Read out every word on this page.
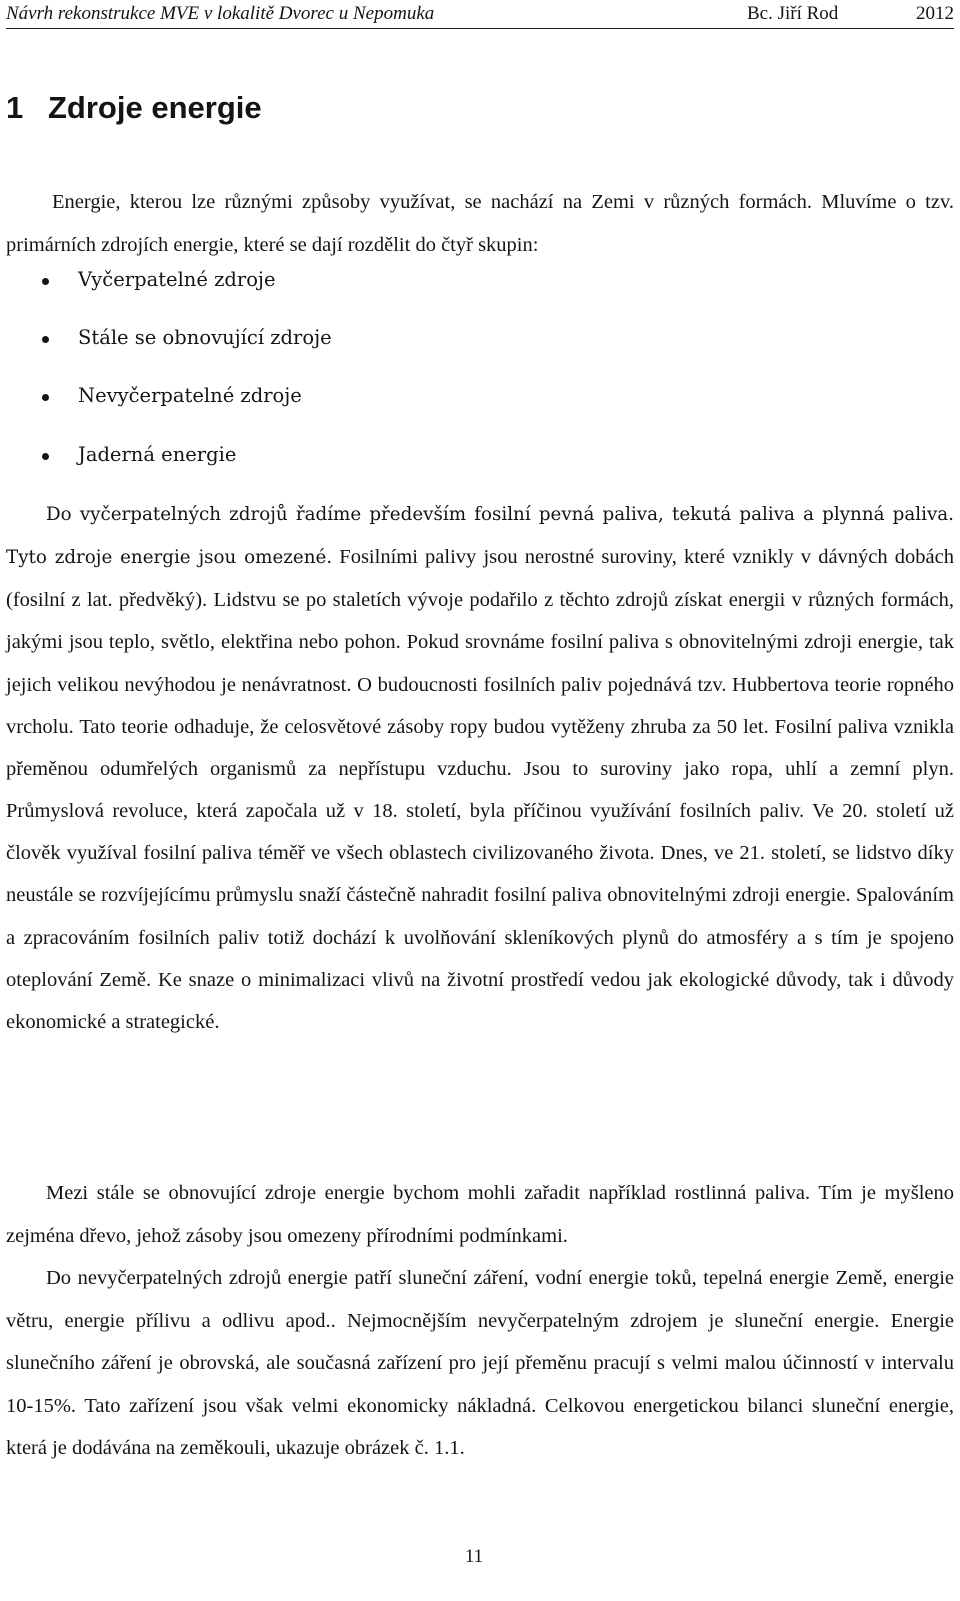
Návrh rekonstrukce MVE v lokalitě Dvorec u Nepomuka	Bc. Jiří Rod	2012
1 Zdroje energie

Energie, kterou lze různými způsoby využívat, se nachází na Zemi v různých formách. Mluvíme o tzv. primárních zdrojích energie, které se dají rozdělit do čtyř skupin:

Vyčerpatelné zdroje
Stále se obnovující zdroje
Nevyčerpatelné zdroje
Jaderná energie

Do vyčerpatelných zdrojů řadíme především fosilní pevná paliva, tekutá paliva a plynná paliva. Tyto zdroje energie jsou omezené. Fosilními palivy jsou nerostné suroviny, které vznikly v dávných dobách (fosilní z lat. předvěký). Lidstvu se po staletích vývoje podařilo z těchto zdrojů získat energii v různých formách, jakými jsou teplo, světlo, elektřina nebo pohon. Pokud srovnáme fosilní paliva s obnovitelnými zdroji energie, tak jejich velikou nevýhodou je nenávratnost. O budoucnosti fosilních paliv pojednává tzv. Hubbertova teorie ropného vrcholu. Tato teorie odhaduje, že celosvětové zásoby ropy budou vytěženy zhruba za 50 let. Fosilní paliva vznikla přeměnou odumřelých organismů za nepřístupu vzduchu. Jsou to suroviny jako ropa, uhlí a zemní plyn. Průmyslová revoluce, která započala už v 18. století, byla příčinou využívání fosilních paliv. Ve 20. století už člověk využíval fosilní paliva téměř ve všech oblastech civilizovaného života. Dnes, ve 21. století, se lidstvo díky neustále se rozvíjejícímu průmyslu snaží částečně nahradit fosilní paliva obnovitelnými zdroji energie. Spalováním a zpracováním fosilních paliv totiž dochází k uvolňování skleníkových plynů do atmosféry a s tím je spojeno oteplování Země. Ke snaze o minimalizaci vlivů na životní prostředí vedou jak ekologické důvody, tak i důvody ekonomické a strategické.

Mezi stále se obnovující zdroje energie bychom mohli zařadit například rostlinná paliva. Tím je myšleno zejména dřevo, jehož zásoby jsou omezeny přírodními podmínkami.

Do nevyčerpatelných zdrojů energie patří sluneční záření, vodní energie toků, tepelná energie Země, energie větru, energie přílivu a odlivu apod.. Nejmocnějším nevyčerpatelným zdrojem je sluneční energie. Energie slunečního záření je obrovská, ale současná zařízení pro její přeměnu pracují s velmi malou účinností v intervalu 10-15%. Tato zařízení jsou však velmi ekonomicky nákladná. Celkovou energetickou bilanci sluneční energie, která je dodávána na zeměkouli, ukazuje obrázek č. 1.1.

11
